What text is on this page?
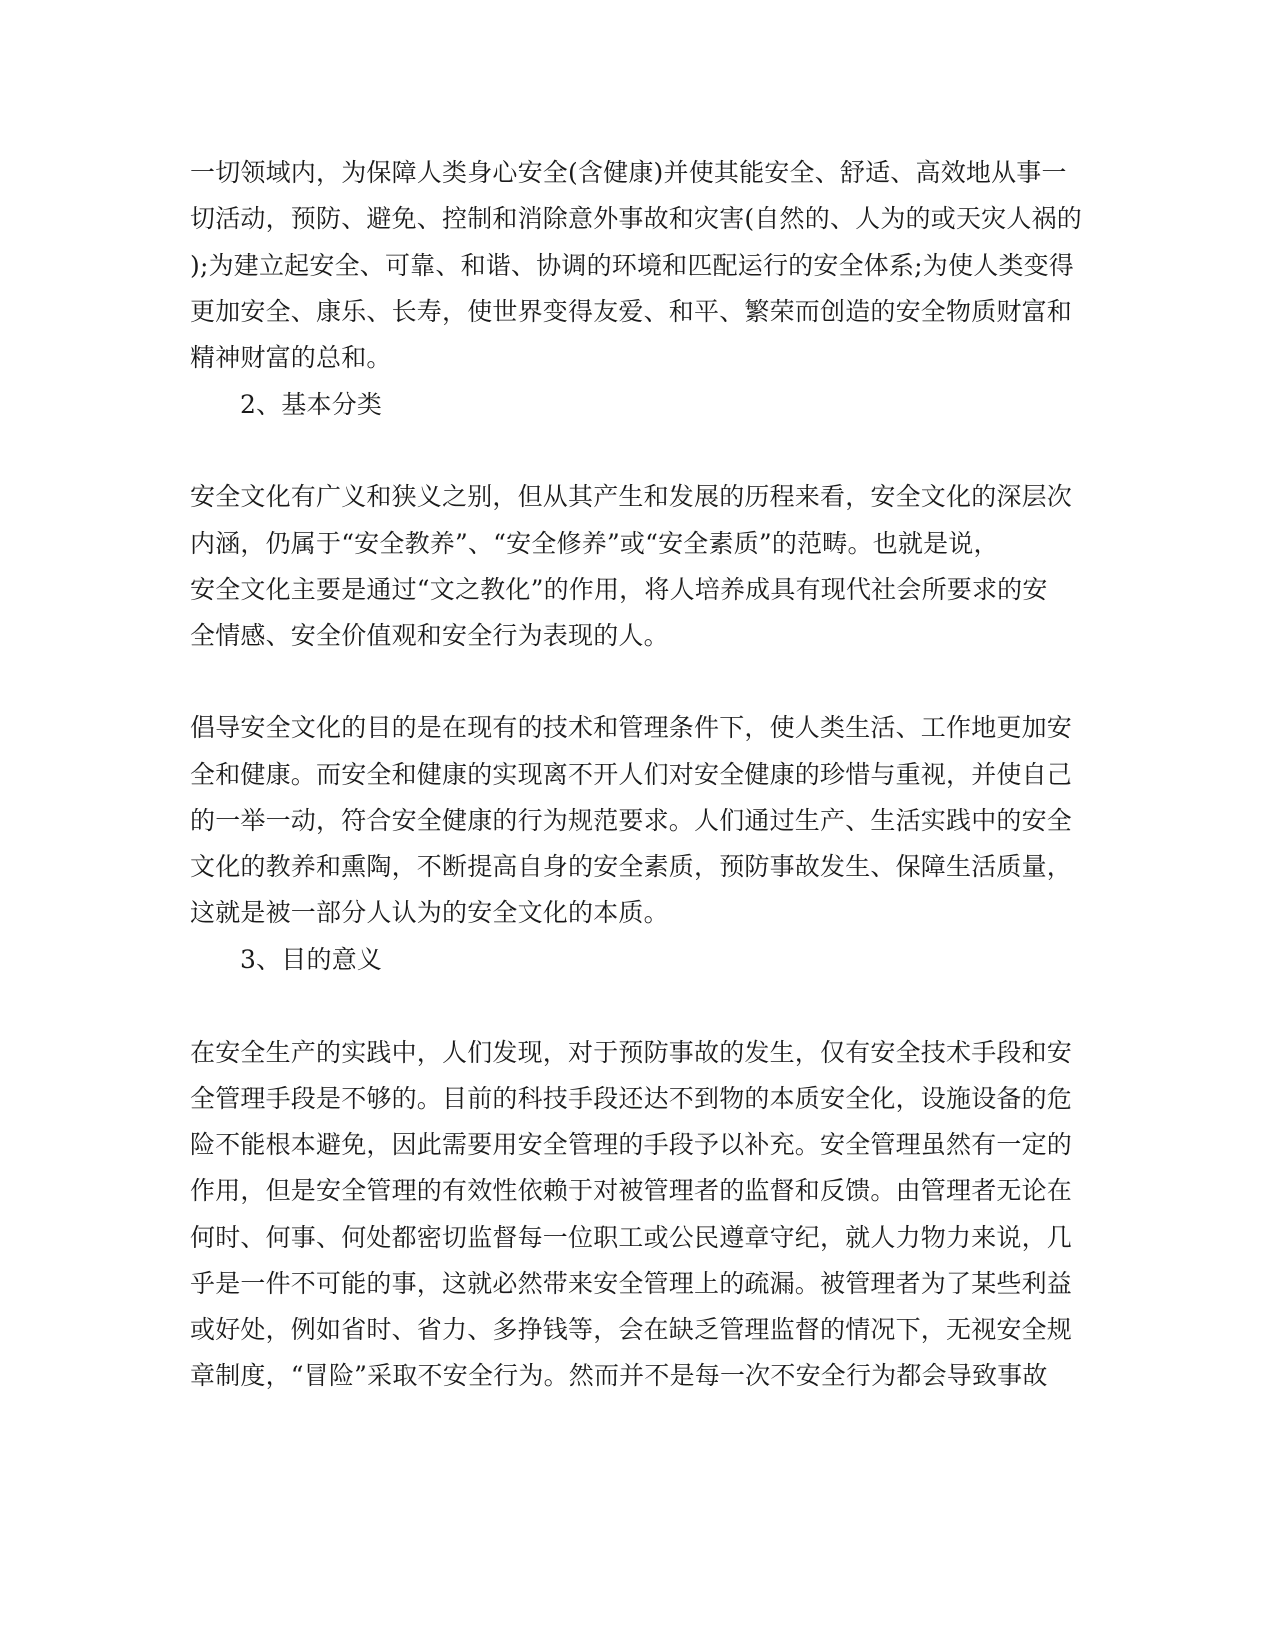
一切领域内，为保障人类身心安全(含健康)并使其能安全、舒适、高效地从事一
切活动，预防、避免、控制和消除意外事故和灾害(自然的、人为的或天灾人祸的
);为建立起安全、可靠、和谐、协调的环境和匹配运行的安全体系;为使人类变得
更加安全、康乐、长寿，使世界变得友爱、和平、繁荣而创造的安全物质财富和
精神财富的总和。
2、基本分类
安全文化有广义和狭义之别，但从其产生和发展的历程来看，安全文化的深层次
内涵，仍属于“安全教养”、“安全修养”或“安全素质”的范畴。也就是说，
安全文化主要是通过“文之教化”的作用，将人培养成具有现代社会所要求的安
全情感、安全价值观和安全行为表现的人。
倡导安全文化的目的是在现有的技术和管理条件下，使人类生活、工作地更加安
全和健康。而安全和健康的实现离不开人们对安全健康的珍惜与重视，并使自己
的一举一动，符合安全健康的行为规范要求。人们通过生产、生活实践中的安全
文化的教养和熏陶，不断提高自身的安全素质，预防事故发生、保障生活质量，
这就是被一部分人认为的安全文化的本质。
3、目的意义
在安全生产的实践中，人们发现，对于预防事故的发生，仅有安全技术手段和安
全管理手段是不够的。目前的科技手段还达不到物的本质安全化，设施设备的危
险不能根本避免，因此需要用安全管理的手段予以补充。安全管理虽然有一定的
作用，但是安全管理的有效性依赖于对被管理者的监督和反馈。由管理者无论在
何时、何事、何处都密切监督每一位职工或公民遵章守纪，就人力物力来说，几
乎是一件不可能的事，这就必然带来安全管理上的疏漏。被管理者为了某些利益
或好处，例如省时、省力、多挣钱等，会在缺乏管理监督的情况下，无视安全规
章制度，“冒险”采取不安全行为。然而并不是每一次不安全行为都会导致事故
